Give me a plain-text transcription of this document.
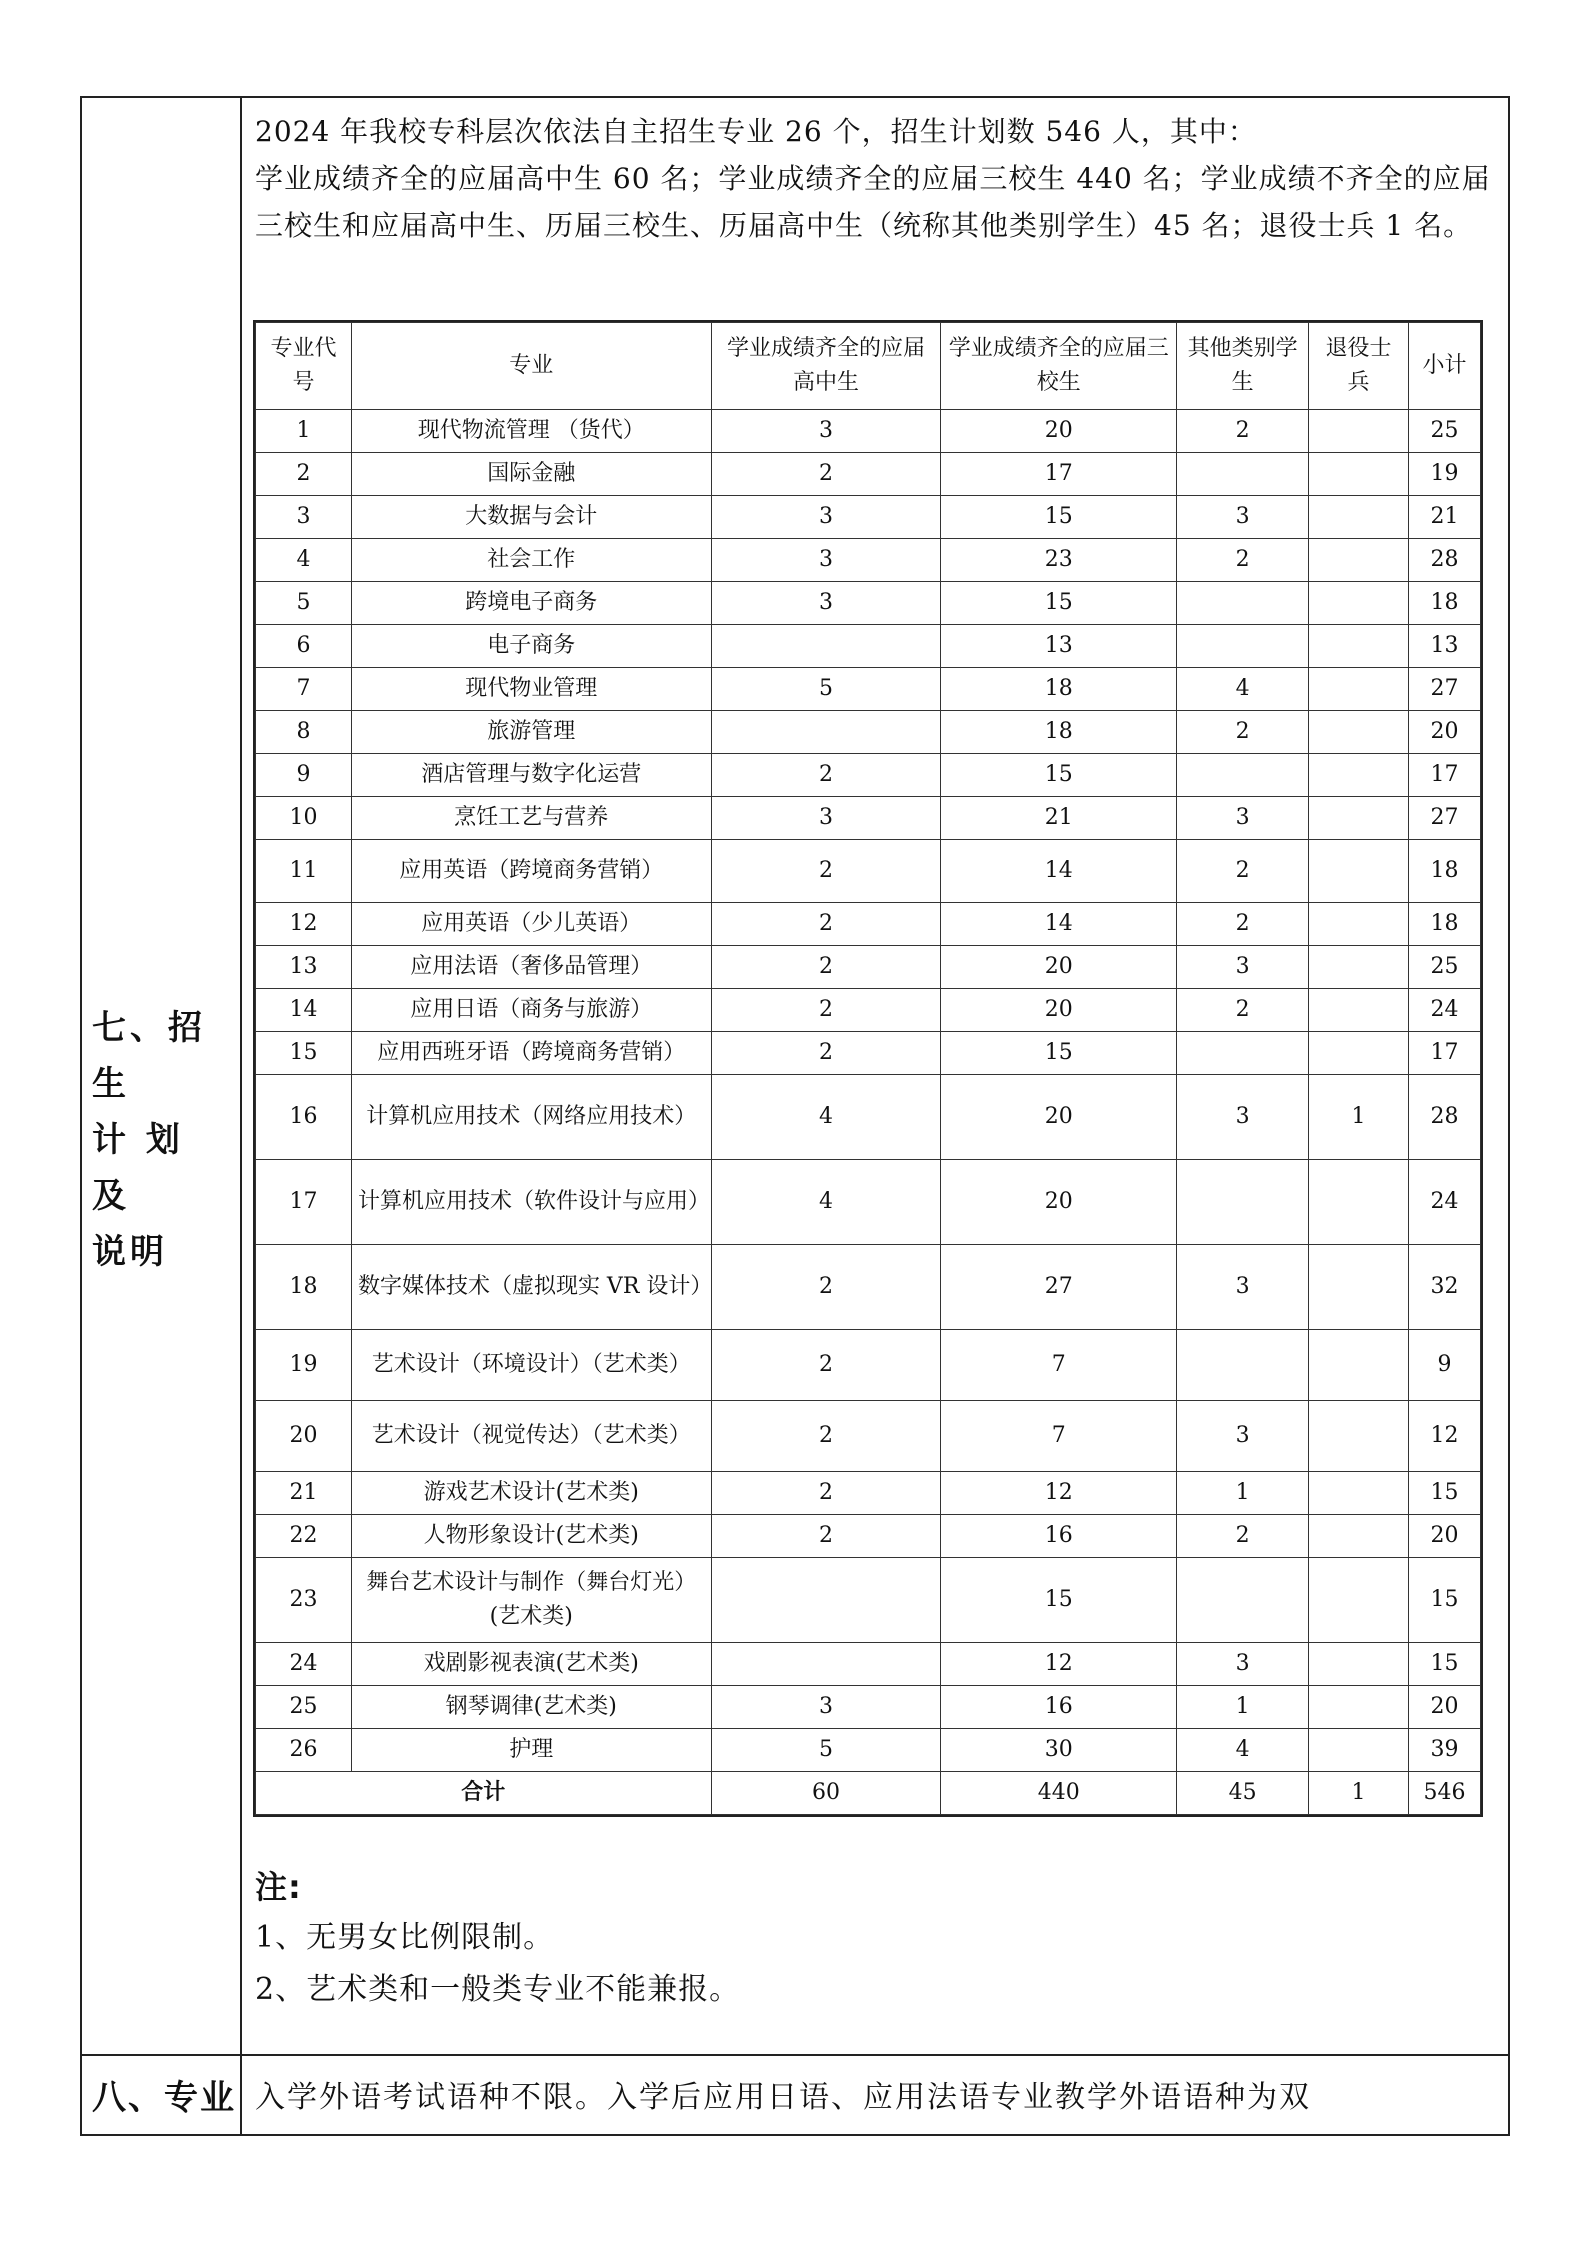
七、招生
计 划 及
说明

2024 年我校专科层次依法自主招生专业 26 个，招生计划数 546 人，其中：

学业成绩齐全的应届高中生 60 名；学业成绩齐全的应届三校生 440 名；学业成绩不齐全的应届三校生和应届高中生、历届三校生、历届高中生（统称其他类别学生）45 名；退役士兵 1 名。

专业代号	专业	学业成绩齐全的应届高中生	学业成绩齐全的应届三校生	其他类别学生	退役士兵	小计
1	现代物流管理 （货代）	3	20	2		25
2	国际金融	2	17			19
3	大数据与会计	3	15	3		21
4	社会工作	3	23	2		28
5	跨境电子商务	3	15			18
6	电子商务		13			13
7	现代物业管理	5	18	4		27
8	旅游管理		18	2		20
9	酒店管理与数字化运营	2	15			17
10	烹饪工艺与营养	3	21	3		27
11	应用英语（跨境商务营销）	2	14	2		18
12	应用英语（少儿英语）	2	14	2		18
13	应用法语（奢侈品管理）	2	20	3		25
14	应用日语（商务与旅游）	2	20	2		24
15	应用西班牙语（跨境商务营销）	2	15			17
16	计算机应用技术（网络应用技术）	4	20	3	1	28
17	计算机应用技术（软件设计与应用）	4	20			24
18	数字媒体技术（虚拟现实 VR 设计）	2	27	3		32
19	艺术设计（环境设计）（艺术类）	2	7			9
20	艺术设计（视觉传达）（艺术类）	2	7	3		12
21	游戏艺术设计(艺术类)	2	12	1		15
22	人物形象设计(艺术类)	2	16	2		20
23	舞台艺术设计与制作（舞台灯光）(艺术类)		15			15
24	戏剧影视表演(艺术类)		12	3		15
25	钢琴调律(艺术类)	3	16	1		20
26	护理	5	30	4		39
合计		60	440	45	1	546

注:

1、无男女比例限制。

2、艺术类和一般类专业不能兼报。

八、专业 入学外语考试语种不限。入学后应用日语、应用法语专业教学外语语种为双
